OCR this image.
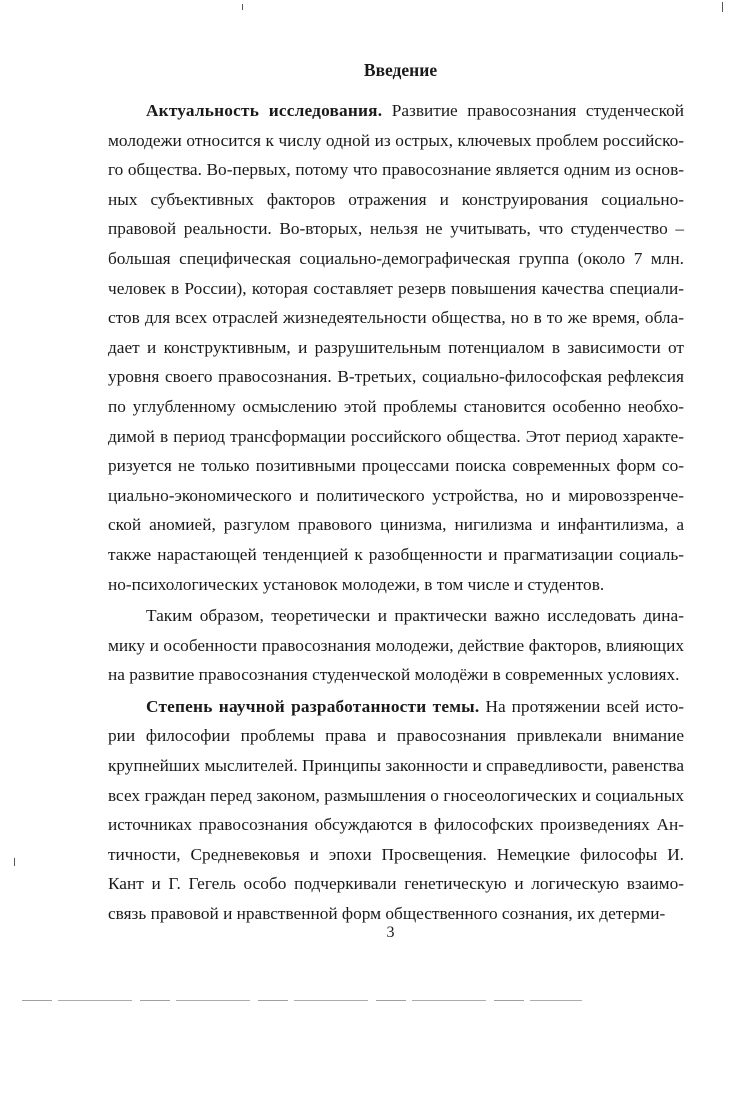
Введение

Актуальность исследования. Развитие правосознания студенческой молодежи относится к числу одной из острых, ключевых проблем российского общества. Во-первых, потому что правосознание является одним из основных субъективных факторов отражения и конструирования социально-правовой реальности. Во-вторых, нельзя не учитывать, что студенчество – большая специфическая социально-демографическая группа (около 7 млн. человек в России), которая составляет резерв повышения качества специалистов для всех отраслей жизнедеятельности общества, но в то же время, обладает и конструктивным, и разрушительным потенциалом в зависимости от уровня своего правосознания. В-третьих, социально-философская рефлексия по углубленному осмыслению этой проблемы становится особенно необходимой в период трансформации российского общества. Этот период характеризуется не только позитивными процессами поиска современных форм социально-экономического и политического устройства, но и мировоззренческой аномией, разгулом правового цинизма, нигилизма и инфантилизма, а также нарастающей тенденцией к разобщенности и прагматизации социально-психологических установок молодежи, в том числе и студентов.

Таким образом, теоретически и практически важно исследовать динамику и особенности правосознания молодежи, действие факторов, влияющих на развитие правосознания студенческой молодёжи в современных условиях.

Степень научной разработанности темы. На протяжении всей истории философии проблемы права и правосознания привлекали внимание крупнейших мыслителей. Принципы законности и справедливости, равенства всех граждан перед законом, размышления о гносеологических и социальных источниках правосознания обсуждаются в философских произведениях Античности, Средневековья и эпохи Просвещения. Немецкие философы И. Кант и Г. Гегель особо подчеркивали генетическую и логическую взаимосвязь правовой и нравственной форм общественного сознания, их детерми-

3
